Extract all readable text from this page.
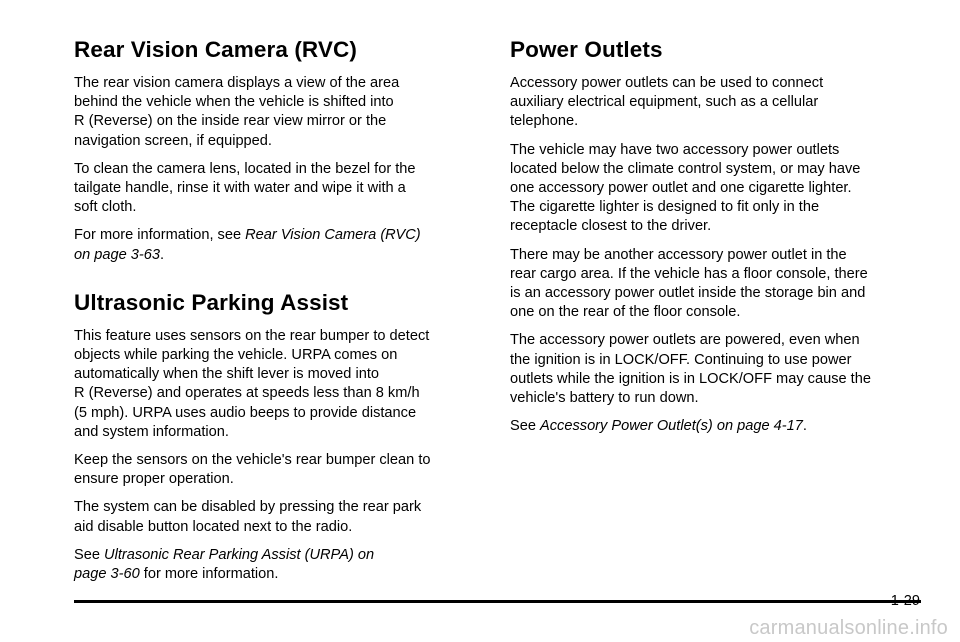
Rear Vision Camera (RVC)

The rear vision camera displays a view of the area
behind the vehicle when the vehicle is shifted into
R (Reverse) on the inside rear view mirror or the
navigation screen, if equipped.

To clean the camera lens, located in the bezel for the
tailgate handle, rinse it with water and wipe it with a
soft cloth.

For more information, see Rear Vision Camera (RVC)
on page 3-63.

Ultrasonic Parking Assist

This feature uses sensors on the rear bumper to detect
objects while parking the vehicle. URPA comes on
automatically when the shift lever is moved into
R (Reverse) and operates at speeds less than 8 km/h
(5 mph). URPA uses audio beeps to provide distance
and system information.

Keep the sensors on the vehicle's rear bumper clean to
ensure proper operation.

The system can be disabled by pressing the rear park
aid disable button located next to the radio.

See Ultrasonic Rear Parking Assist (URPA) on
page 3-60 for more information.

Power Outlets

Accessory power outlets can be used to connect
auxiliary electrical equipment, such as a cellular
telephone.

The vehicle may have two accessory power outlets
located below the climate control system, or may have
one accessory power outlet and one cigarette lighter.
The cigarette lighter is designed to fit only in the
receptacle closest to the driver.

There may be another accessory power outlet in the
rear cargo area. If the vehicle has a floor console, there
is an accessory power outlet inside the storage bin and
one on the rear of the floor console.

The accessory power outlets are powered, even when
the ignition is in LOCK/OFF. Continuing to use power
outlets while the ignition is in LOCK/OFF may cause the
vehicle's battery to run down.

See Accessory Power Outlet(s) on page 4-17.

1-29
carmanualsonline.info
